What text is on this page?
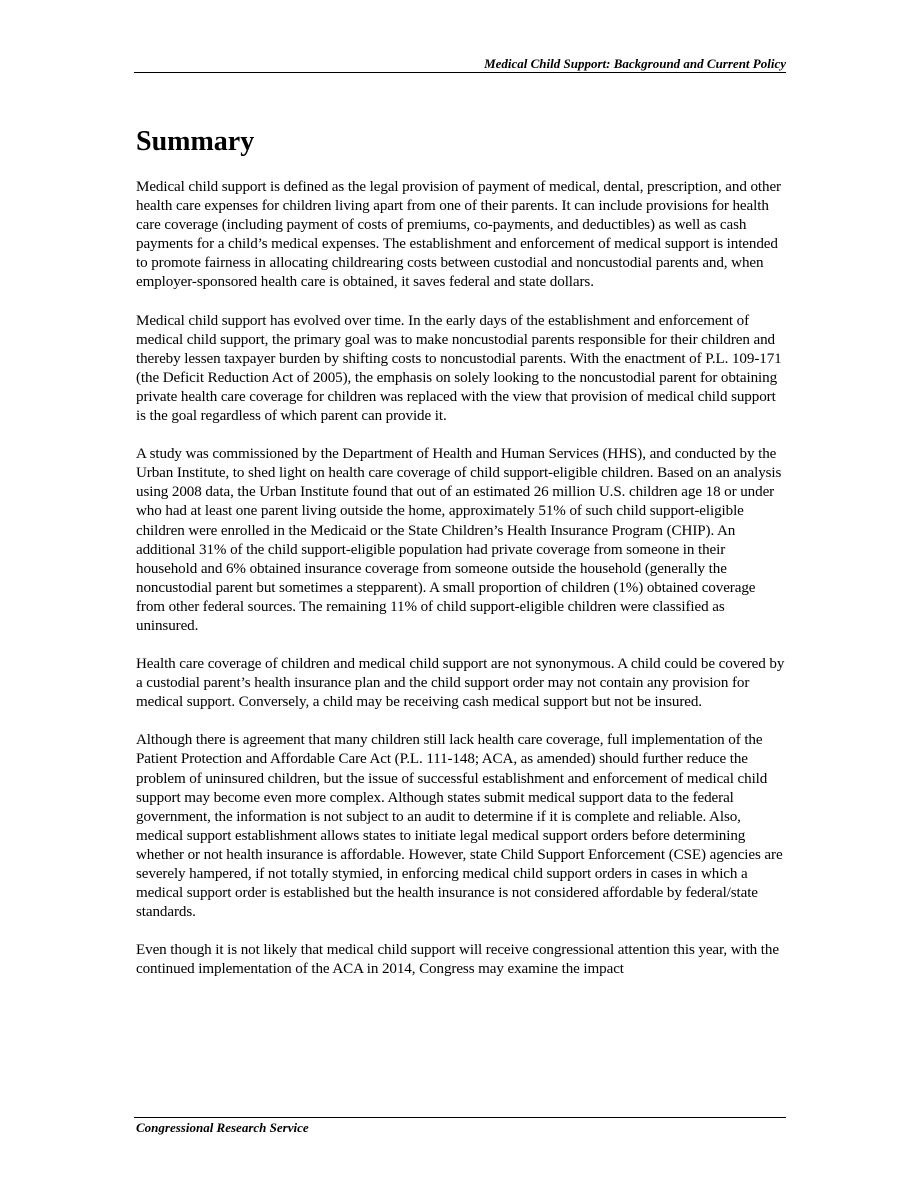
Medical Child Support: Background and Current Policy
Summary

Medical child support is defined as the legal provision of payment of medical, dental, prescription, and other health care expenses for children living apart from one of their parents. It can include provisions for health care coverage (including payment of costs of premiums, co-payments, and deductibles) as well as cash payments for a child’s medical expenses. The establishment and enforcement of medical support is intended to promote fairness in allocating childrearing costs between custodial and noncustodial parents and, when employer-sponsored health care is obtained, it saves federal and state dollars.

Medical child support has evolved over time. In the early days of the establishment and enforcement of medical child support, the primary goal was to make noncustodial parents responsible for their children and thereby lessen taxpayer burden by shifting costs to noncustodial parents. With the enactment of P.L. 109-171 (the Deficit Reduction Act of 2005), the emphasis on solely looking to the noncustodial parent for obtaining private health care coverage for children was replaced with the view that provision of medical child support is the goal regardless of which parent can provide it.

A study was commissioned by the Department of Health and Human Services (HHS), and conducted by the Urban Institute, to shed light on health care coverage of child support-eligible children. Based on an analysis using 2008 data, the Urban Institute found that out of an estimated 26 million U.S. children age 18 or under who had at least one parent living outside the home, approximately 51% of such child support-eligible children were enrolled in the Medicaid or the State Children’s Health Insurance Program (CHIP). An additional 31% of the child support-eligible population had private coverage from someone in their household and 6% obtained insurance coverage from someone outside the household (generally the noncustodial parent but sometimes a stepparent). A small proportion of children (1%) obtained coverage from other federal sources. The remaining 11% of child support-eligible children were classified as uninsured.

Health care coverage of children and medical child support are not synonymous. A child could be covered by a custodial parent’s health insurance plan and the child support order may not contain any provision for medical support. Conversely, a child may be receiving cash medical support but not be insured.

Although there is agreement that many children still lack health care coverage, full implementation of the Patient Protection and Affordable Care Act (P.L. 111-148; ACA, as amended) should further reduce the problem of uninsured children, but the issue of successful establishment and enforcement of medical child support may become even more complex. Although states submit medical support data to the federal government, the information is not subject to an audit to determine if it is complete and reliable. Also, medical support establishment allows states to initiate legal medical support orders before determining whether or not health insurance is affordable. However, state Child Support Enforcement (CSE) agencies are severely hampered, if not totally stymied, in enforcing medical child support orders in cases in which a medical support order is established but the health insurance is not considered affordable by federal/state standards.

Even though it is not likely that medical child support will receive congressional attention this year, with the continued implementation of the ACA in 2014, Congress may examine the impact

Congressional Research Service
